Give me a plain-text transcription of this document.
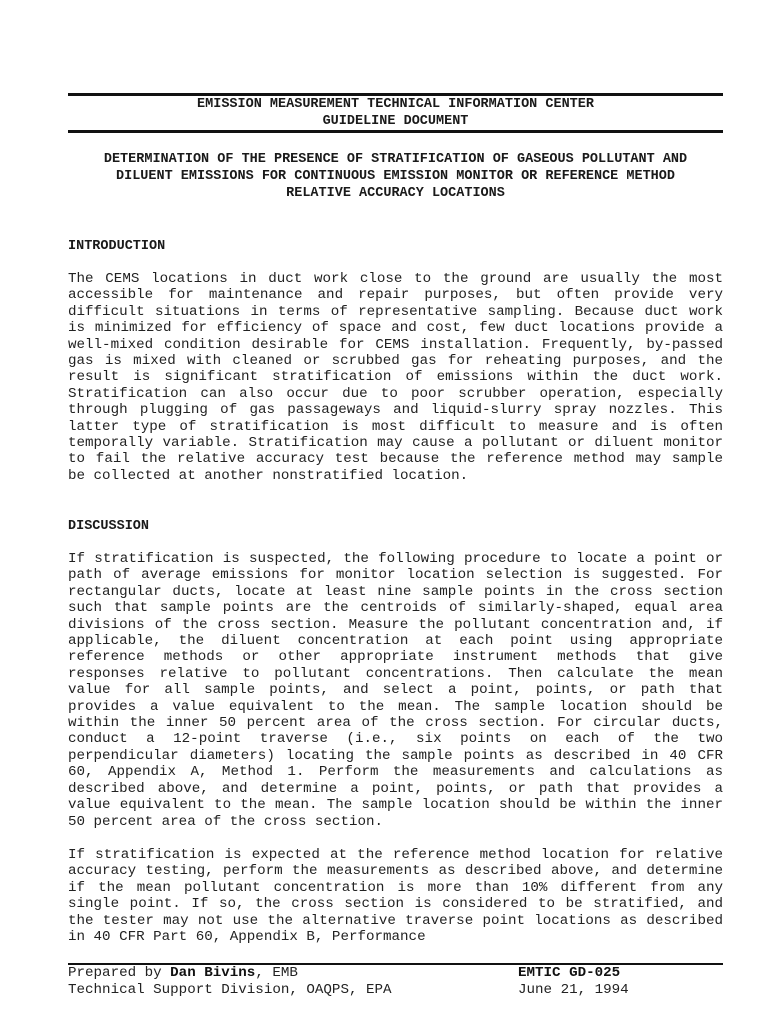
EMISSION MEASUREMENT TECHNICAL INFORMATION CENTER
GUIDELINE DOCUMENT
DETERMINATION OF THE PRESENCE OF STRATIFICATION OF GASEOUS POLLUTANT AND
DILUENT EMISSIONS FOR CONTINUOUS EMISSION MONITOR OR REFERENCE METHOD
RELATIVE ACCURACY LOCATIONS
INTRODUCTION
The CEMS locations in duct work close to the ground are usually the most accessible for maintenance and repair purposes, but often provide very difficult situations in terms of representative sampling. Because duct work is minimized for efficiency of space and cost, few duct locations provide a well-mixed condition desirable for CEMS installation. Frequently, by-passed gas is mixed with cleaned or scrubbed gas for reheating purposes, and the result is significant stratification of emissions within the duct work. Stratification can also occur due to poor scrubber operation, especially through plugging of gas passageways and liquid-slurry spray nozzles. This latter type of stratification is most difficult to measure and is often temporally variable. Stratification may cause a pollutant or diluent monitor to fail the relative accuracy test because the reference method may sample be collected at another nonstratified location.
DISCUSSION
If stratification is suspected, the following procedure to locate a point or path of average emissions for monitor location selection is suggested. For rectangular ducts, locate at least nine sample points in the cross section such that sample points are the centroids of similarly-shaped, equal area divisions of the cross section. Measure the pollutant concentration and, if applicable, the diluent concentration at each point using appropriate reference methods or other appropriate instrument methods that give responses relative to pollutant concentrations. Then calculate the mean value for all sample points, and select a point, points, or path that provides a value equivalent to the mean. The sample location should be within the inner 50 percent area of the cross section. For circular ducts, conduct a 12-point traverse (i.e., six points on each of the two perpendicular diameters) locating the sample points as described in 40 CFR 60, Appendix A, Method 1. Perform the measurements and calculations as described above, and determine a point, points, or path that provides a value equivalent to the mean. The sample location should be within the inner 50 percent area of the cross section.
If stratification is expected at the reference method location for relative accuracy testing, perform the measurements as described above, and determine if the mean pollutant concentration is more than 10% different from any single point. If so, the cross section is considered to be stratified, and the tester may not use the alternative traverse point locations as described in 40 CFR Part 60, Appendix B, Performance
Prepared by Dan Bivins, EMB	EMTIC GD-025
Technical Support Division, OAQPS, EPA	June 21, 1994
